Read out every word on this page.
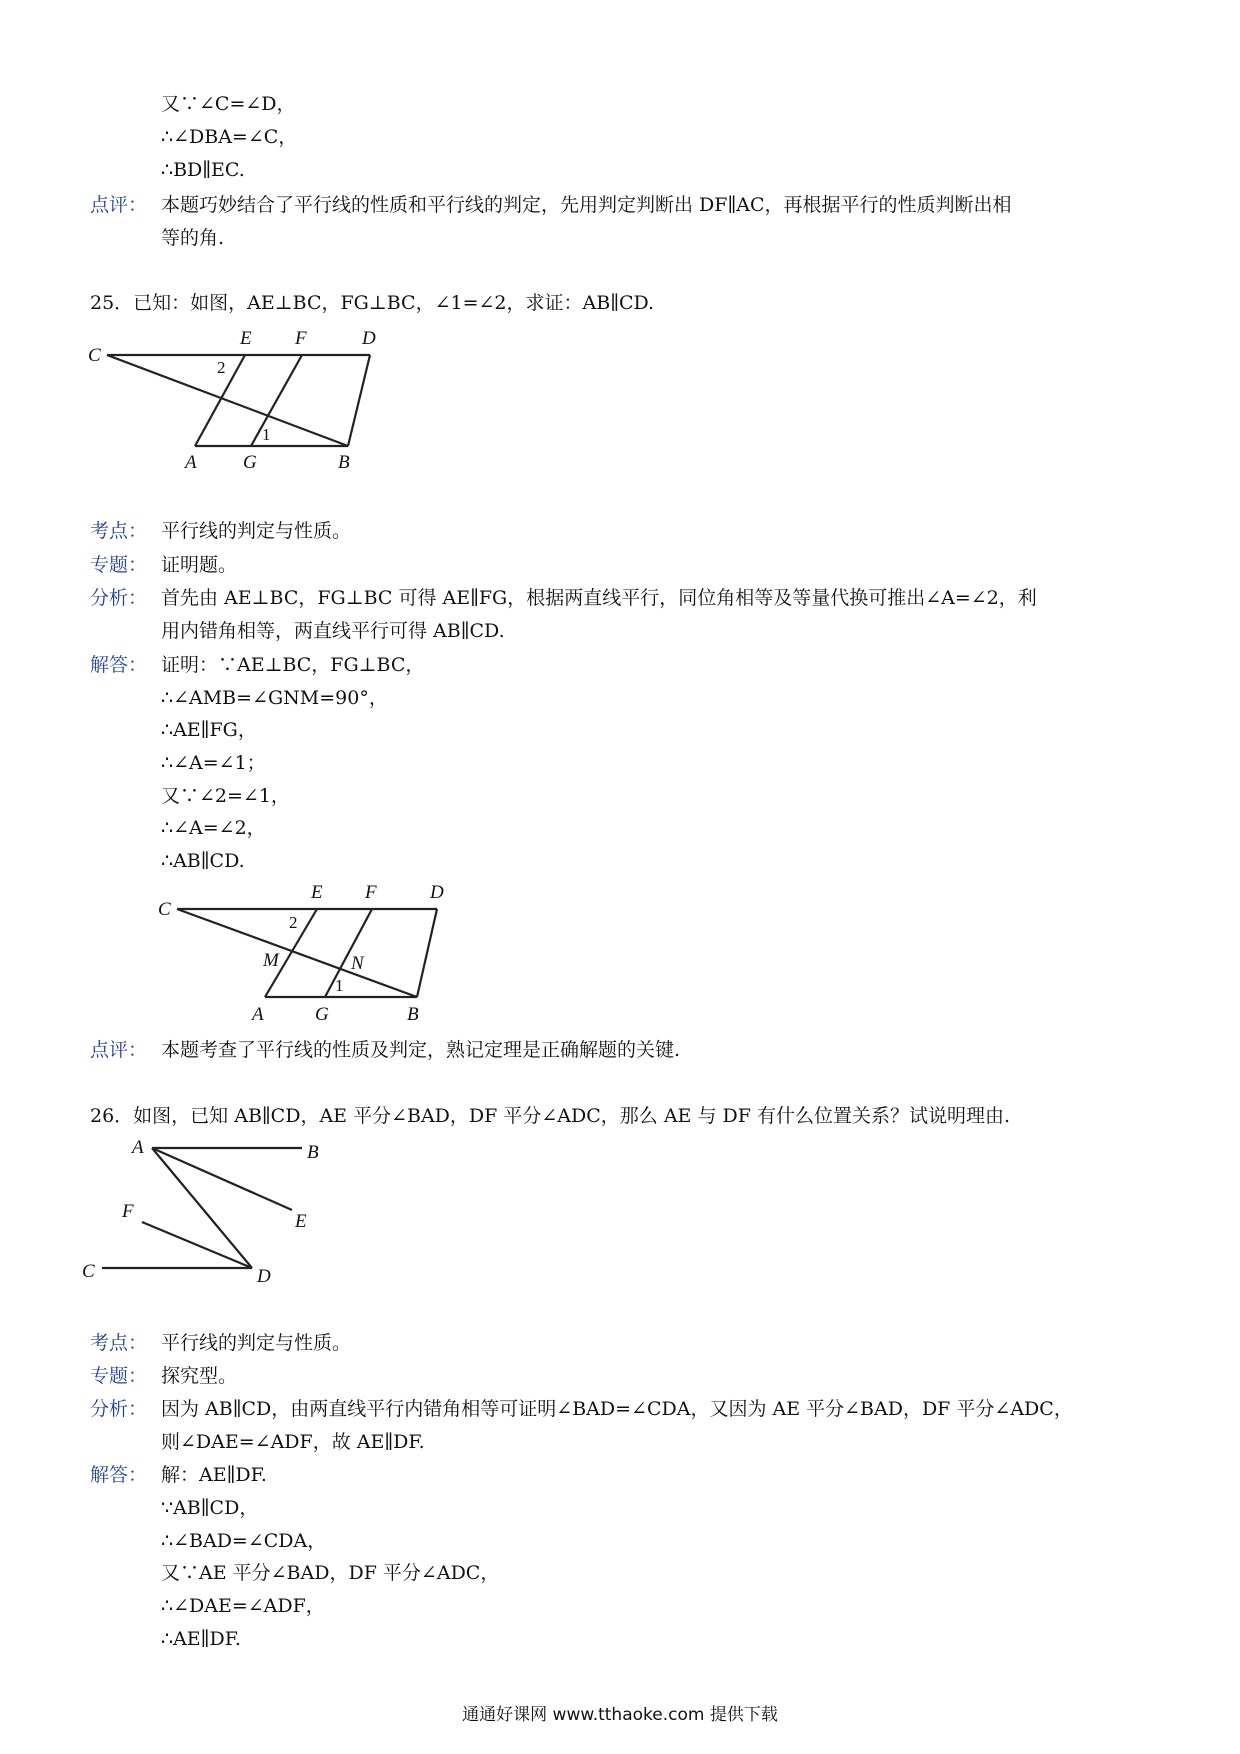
又∵∠C=∠D，
∴∠DBA=∠C，
∴BD∥EC.
点评： 本题巧妙结合了平行线的性质和平行线的判定，先用判定判断出 DF∥AC，再根据平行的性质判断出相
等的角.
25．已知：如图，AE⊥BC，FG⊥BC，∠1=∠2，求证：AB∥CD.
C
E F	D
2
1
A G	B
考点： 平行线的判定与性质。
专题： 证明题。
分析： 首先由 AE⊥BC，FG⊥BC 可得 AE∥FG，根据两直线平行，同位角相等及等量代换可推出∠A=∠2，利
用内错角相等，两直线平行可得 AB∥CD.
解答： 证明：∵AE⊥BC，FG⊥BC，
∴∠AMB=∠GNM=90°，
∴AE∥FG，
∴∠A=∠1；
又∵∠2=∠1，
∴∠A=∠2，
∴AB∥CD.
C
E F	D
2
M	N
1
A	G	B
点评： 本题考查了平行线的性质及判定，熟记定理是正确解题的关键.
26．如图，已知 AB∥CD，AE 平分∠BAD，DF 平分∠ADC，那么 AE 与 DF 有什么位置关系？试说明理由.
A	B
E
F
C	D
考点： 平行线的判定与性质。
专题： 探究型。
分析： 因为 AB∥CD，由两直线平行内错角相等可证明∠BAD=∠CDA，又因为 AE 平分∠BAD，DF 平分∠ADC，
则∠DAE=∠ADF，故 AE∥DF.
解答： 解：AE∥DF.
∵AB∥CD，
∴∠BAD=∠CDA，
又∵AE 平分∠BAD，DF 平分∠ADC，
∴∠DAE=∠ADF，
∴AE∥DF.
通通好课网 www.tthaoke.com 提供下载
